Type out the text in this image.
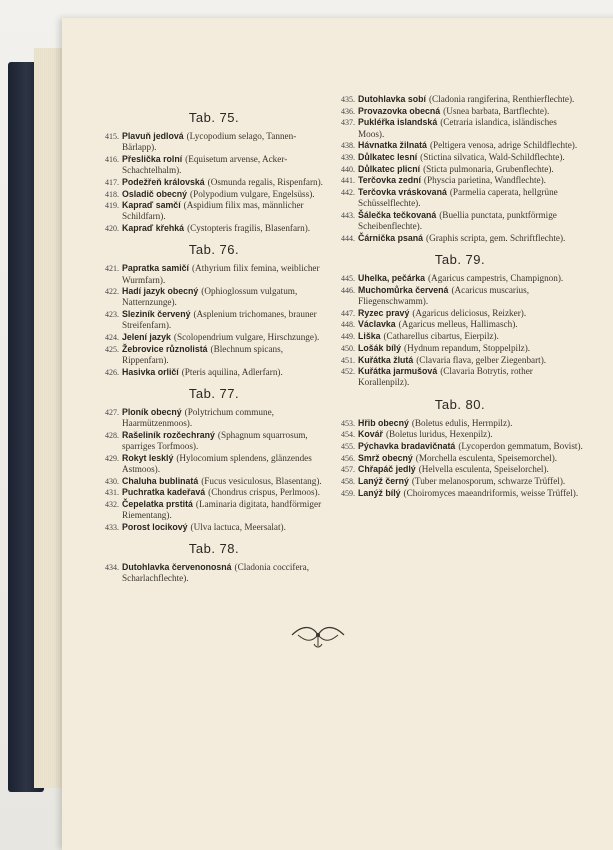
Tab. 75.
415. Plavuň jedlová (Lycopodium selago, Tannen-Bärlapp).
416. Přeslička rolní (Equisetum arvense, Acker-Schachtelhalm).
417. Podežřeň královská (Osmunda regalis, Rispenfarn).
418. Osladič obecný (Polypodium vulgare, Engelsüss).
419. Kapraď samčí (Aspidium filix mas, männlicher Schildfarn).
420. Kapraď křehká (Cystopteris fragilis, Blasenfarn).
Tab. 76.
421. Papratka samičí (Athyrium filix femina, weiblicher Wurmfarn).
422. Hadí jazyk obecný (Ophioglossum vulgatum, Natternzunge).
423. Sleziník červený (Asplenium trichomanes, brauner Streifenfarn).
424. Jelení jazyk (Scolopendrium vulgare, Hirschzunge).
425. Žebrovice různolistá (Blechnum spicans, Rippenfarn).
426. Hasivka orličí (Pteris aquilina, Adlerfarn).
Tab. 77.
427. Ploník obecný (Polytrichum commune, Haarmützenmoos).
428. Rašeliník rozčechraný (Sphagnum squarrosum, sparriges Torfmoos).
429. Rokyt lesklý (Hylocomium splendens, glänzendes Astmoos).
430. Chaluha bublinatá (Fucus vesiculosus, Blasentang).
431. Puchratka kadeřavá (Chondrus crispus, Perlmoos).
432. Čepelatka prstitá (Laminaria digitata, handförmiger Riementang).
433. Porost locikový (Ulva lactuca, Meersalat).
Tab. 78.
434. Dutohlavka červenonosná (Cladonia coccifera, Scharlachflechte).
435. Dutohlavka sobí (Cladonia rangiferina, Renthierflechte).
436. Provazovka obecná (Usnea barbata, Bartflechte).
437. Pukléřka islandská (Cetraria islandica, isländisches Moos).
438. Hávnatka žilnatá (Peltigera venosa, adrige Schildflechte).
439. Důlkatec lesní (Stictina silvatica, Wald-Schildflechte).
440. Důlkatec plicní (Sticta pulmonaria, Grubenflechte).
441. Terčovka zední (Physcia parietina, Wandflechte).
442. Terčovka vráskovaná (Parmelia caperata, hellgrüne Schüsselflechte).
443. Šálečka tečkovaná (Buellia punctata, punktförmige Scheibenflechte).
444. Čárnička psaná (Graphis scripta, gem. Schriftflechte).
Tab. 79.
445. Uhelka, pečárka (Agaricus campestris, Champignon).
446. Muchomůrka červená (Acaricus muscarius, Fliegenschwamm).
447. Ryzec pravý (Agaricus deliciosus, Reizker).
448. Václavka (Agaricus melleus, Hallimasch).
449. Liška (Catharellus cibartus, Eierpilz).
450. Lošák bílý (Hydnum repandum, Stoppelpilz).
451. Kuřátka žlutá (Clavaria flava, gelber Ziegenbart).
452. Kuřátka jarmušová (Clavaria Botrytis, rother Korallenpilz).
Tab. 80.
453. Hřib obecný (Boletus edulis, Herrnpilz).
454. Kovář (Boletus luridus, Hexenpilz).
455. Pýchavka bradavičnatá (Lycoperdon gemmatum, Bovist).
456. Smrž obecný (Morchella esculenta, Speisemorchel).
457. Chřapáč jedlý (Helvella esculenta, Speiselorchel).
458. Lanýž černý (Tuber melanosporum, schwarze Trüffel).
459. Lanýž bílý (Choiromyces maeandriformis, weisse Trüffel).
